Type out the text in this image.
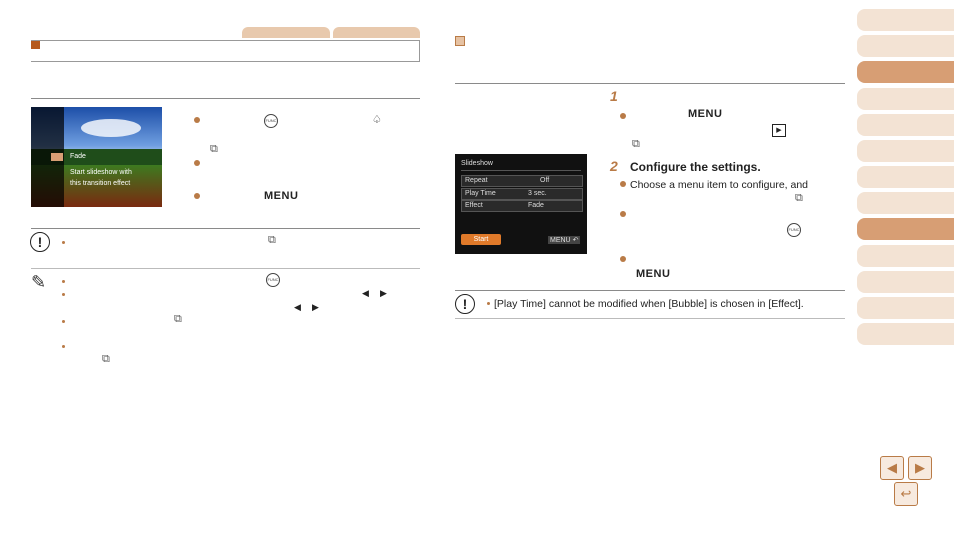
Fade
Start slideshow with
this transition effect
FUNC	♤
⧉
MENU
!	⧉
✎	FUNC
◀ ▶
◀ ▶
⧉
⧉
1
MENU
▶
⧉
Slideshow
Repeat	Off
Play Time	3 sec.
Effect	Fade
Start	MENU ↶
2 Configure the settings.
Choose a menu item to configure, and
⧉
FUNC
MENU
!	[Play Time] cannot be modified when [Bubble] is chosen in [Effect].
◀	▶
↩
